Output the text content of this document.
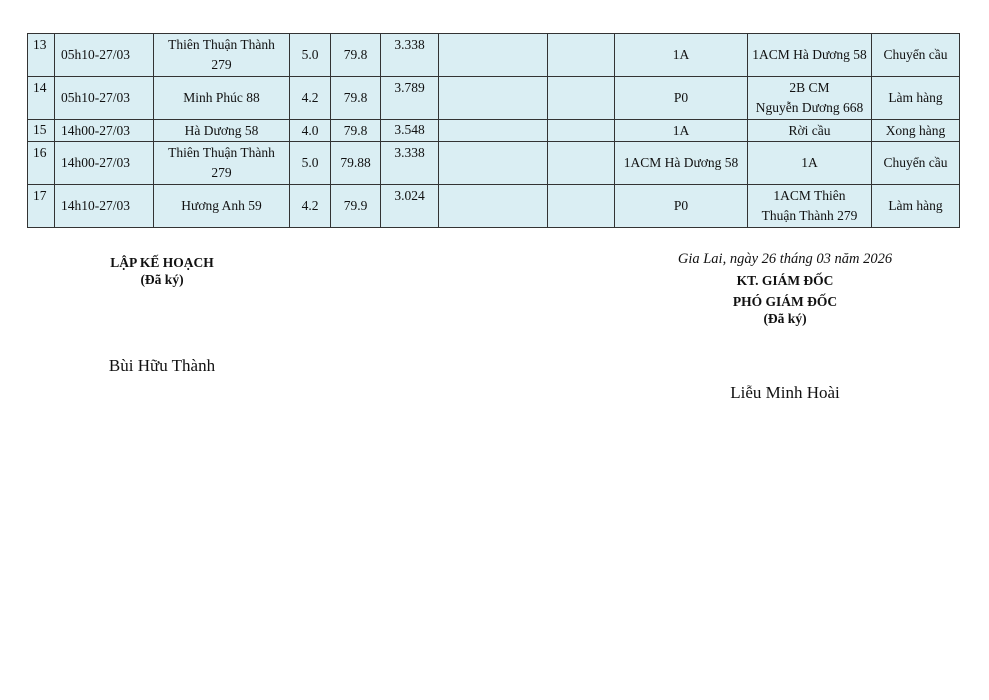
13	05h10-27/03	Thiên Thuận Thành
279	5.0	79.8	3.338			1A	1ACM Hà Dương 58	Chuyển cầu

14	05h10-27/03	Minh Phúc 88	4.2	79.8	3.789			P0	2B CM
Nguyễn Dương 668	Làm hàng

15	14h00-27/03	Hà Dương 58	4.0	79.8	3.548			1A	Rời cầu	Xong hàng

16	14h00-27/03	Thiên Thuận Thành
279	5.0	79.88	3.338			1ACM Hà Dương 58	1A	Chuyển cầu

17	14h10-27/03	Hương Anh 59	4.2	79.9	3.024			P0	1ACM Thiên
Thuận Thành 279	Làm hàng
LẬP KẾ HOẠCH
(Đã ký)
Bùi Hữu Thành
Gia Lai, ngày 26 tháng 03 năm 2026
KT. GIÁM ĐỐC
PHÓ GIÁM ĐỐC
(Đã ký)
Liễu Minh Hoài
